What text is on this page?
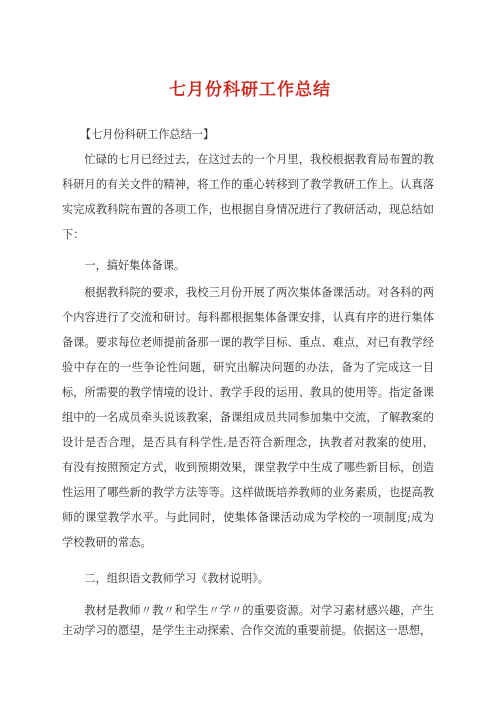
七月份科研工作总结
【七月份科研工作总结一】
忙碌的七月已经过去，在这过去的一个月里，我校根据教育局布置的教科研月的有关文件的精神，将工作的重心转移到了教学教研工作上。认真落实完成教科院布置的各项工作，也根据自身情况进行了教研活动，现总结如下：
一，搞好集体备课。
根据教科院的要求，我校三月份开展了两次集体备课活动。对各科的两个内容进行了交流和研讨。每科都根据集体备课安排，认真有序的进行集体备课。要求每位老师提前备那一课的教学目标、重点、难点，对已有教学经验中存在的一些争论性问题，研究出解决问题的办法，备为了完成这一目标，所需要的教学情境的设计、教学手段的运用、教具的使用等。指定备课组中的一名成员牵头说该教案，备课组成员共同参加集中交流，了解教案的设计是否合理，是否具有科学性,是否符合新理念，执教者对教案的使用，有没有按照预定方式，收到预期效果，课堂教学中生成了哪些新目标，创造性运用了哪些新的教学方法等等。这样做既培养教师的业务素质，也提高教师的课堂教学水平。与此同时，使集体备课活动成为学校的一项制度;成为学校教研的常态。
二，组织语文教师学习《教材说明》。
教材是教师〃教〃和学生〃学〃的重要资源。对学习素材感兴趣，产生主动学习的愿望，是学生主动探索、合作交流的重要前提。依据这一思想，
